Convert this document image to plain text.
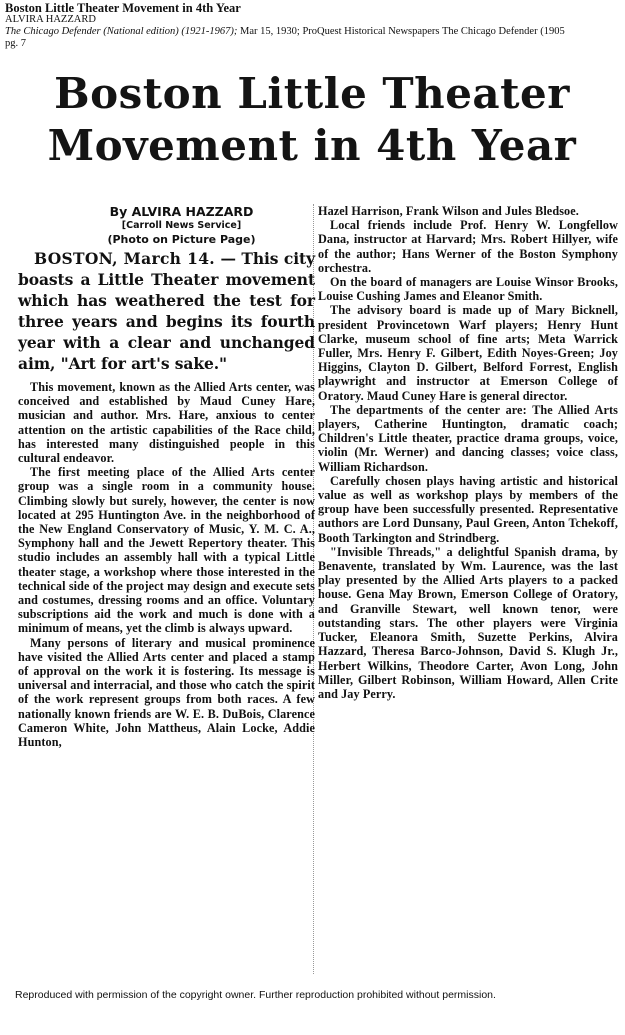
Boston Little Theater Movement in 4th Year
ALVIRA HAZZARD
The Chicago Defender (National edition) (1921-1967); Mar 15, 1930; ProQuest Historical Newspapers The Chicago Defender (1905
pg. 7
Boston Little Theater
Movement in 4th Year
By ALVIRA HAZZARD
[Carroll News Service]
(Photo on Picture Page)

BOSTON, March 14. — This city boasts a Little Theater movement which has weathered the test for three years and begins its fourth year with a clear and unchanged aim, "Art for art's sake."

This movement, known as the Allied Arts center, was conceived and established by Maud Cuney Hare, musician and author. Mrs. Hare, anxious to center attention on the artistic capabilities of the Race child, has interested many distinguished people in this cultural endeavor.

The first meeting place of the Allied Arts center group was a single room in a community house. Climbing slowly but surely, however, the center is now located at 295 Huntington Ave. in the neighborhood of the New England Conservatory of Music, Y. M. C. A., Symphony hall and the Jewett Repertory theater. This studio includes an assembly hall with a typical Little theater stage, a workshop where those interested in the technical side of the project may design and execute sets and costumes, dressing rooms and an office. Voluntary subscriptions aid the work and much is done with a minimum of means, yet the climb is always upward.

Many persons of literary and musical prominence have visited the Allied Arts center and placed a stamp of approval on the work it is fostering. Its message is universal and interracial, and those who catch the spirit of the work represent groups from both races. A few nationally known friends are W. E. B. DuBois, Clarence Cameron White, John Mattheus, Alain Locke, Addie Hunton,

Hazel Harrison, Frank Wilson and Jules Bledsoe.

Local friends include Prof. Henry W. Longfellow Dana, instructor at Harvard; Mrs. Robert Hillyer, wife of the author; Hans Werner of the Boston Symphony orchestra.

On the board of managers are Louise Winsor Brooks, Louise Cushing James and Eleanor Smith.

The advisory board is made up of Mary Bicknell, president Provincetown Warf players; Henry Hunt Clarke, museum school of fine arts; Meta Warrick Fuller, Mrs. Henry F. Gilbert, Edith Noyes-Green; Joy Higgins, Clayton D. Gilbert, Belford Forrest, English playwright and instructor at Emerson College of Oratory. Maud Cuney Hare is general director.

The departments of the center are: The Allied Arts players, Catherine Huntington, dramatic coach; Children's Little theater, practice drama groups, voice, violin (Mr. Werner) and dancing classes; voice class, William Richardson.

Carefully chosen plays having artistic and historical value as well as workshop plays by members of the group have been successfully presented. Representative authors are Lord Dunsany, Paul Green, Anton Tchekoff, Booth Tarkington and Strindberg.

"Invisible Threads," a delightful Spanish drama, by Benavente, translated by Wm. Laurence, was the last play presented by the Allied Arts players to a packed house. Gena May Brown, Emerson College of Oratory, and Granville Stewart, well known tenor, were outstanding stars. The other players were Virginia Tucker, Eleanora Smith, Suzette Perkins, Alvira Hazzard, Theresa Barco-Johnson, David S. Klugh Jr., Herbert Wilkins, Theodore Carter, Avon Long, John Miller, Gilbert Robinson, William Howard, Allen Crite and Jay Perry.

Reproduced with permission of the copyright owner. Further reproduction prohibited without permission.
